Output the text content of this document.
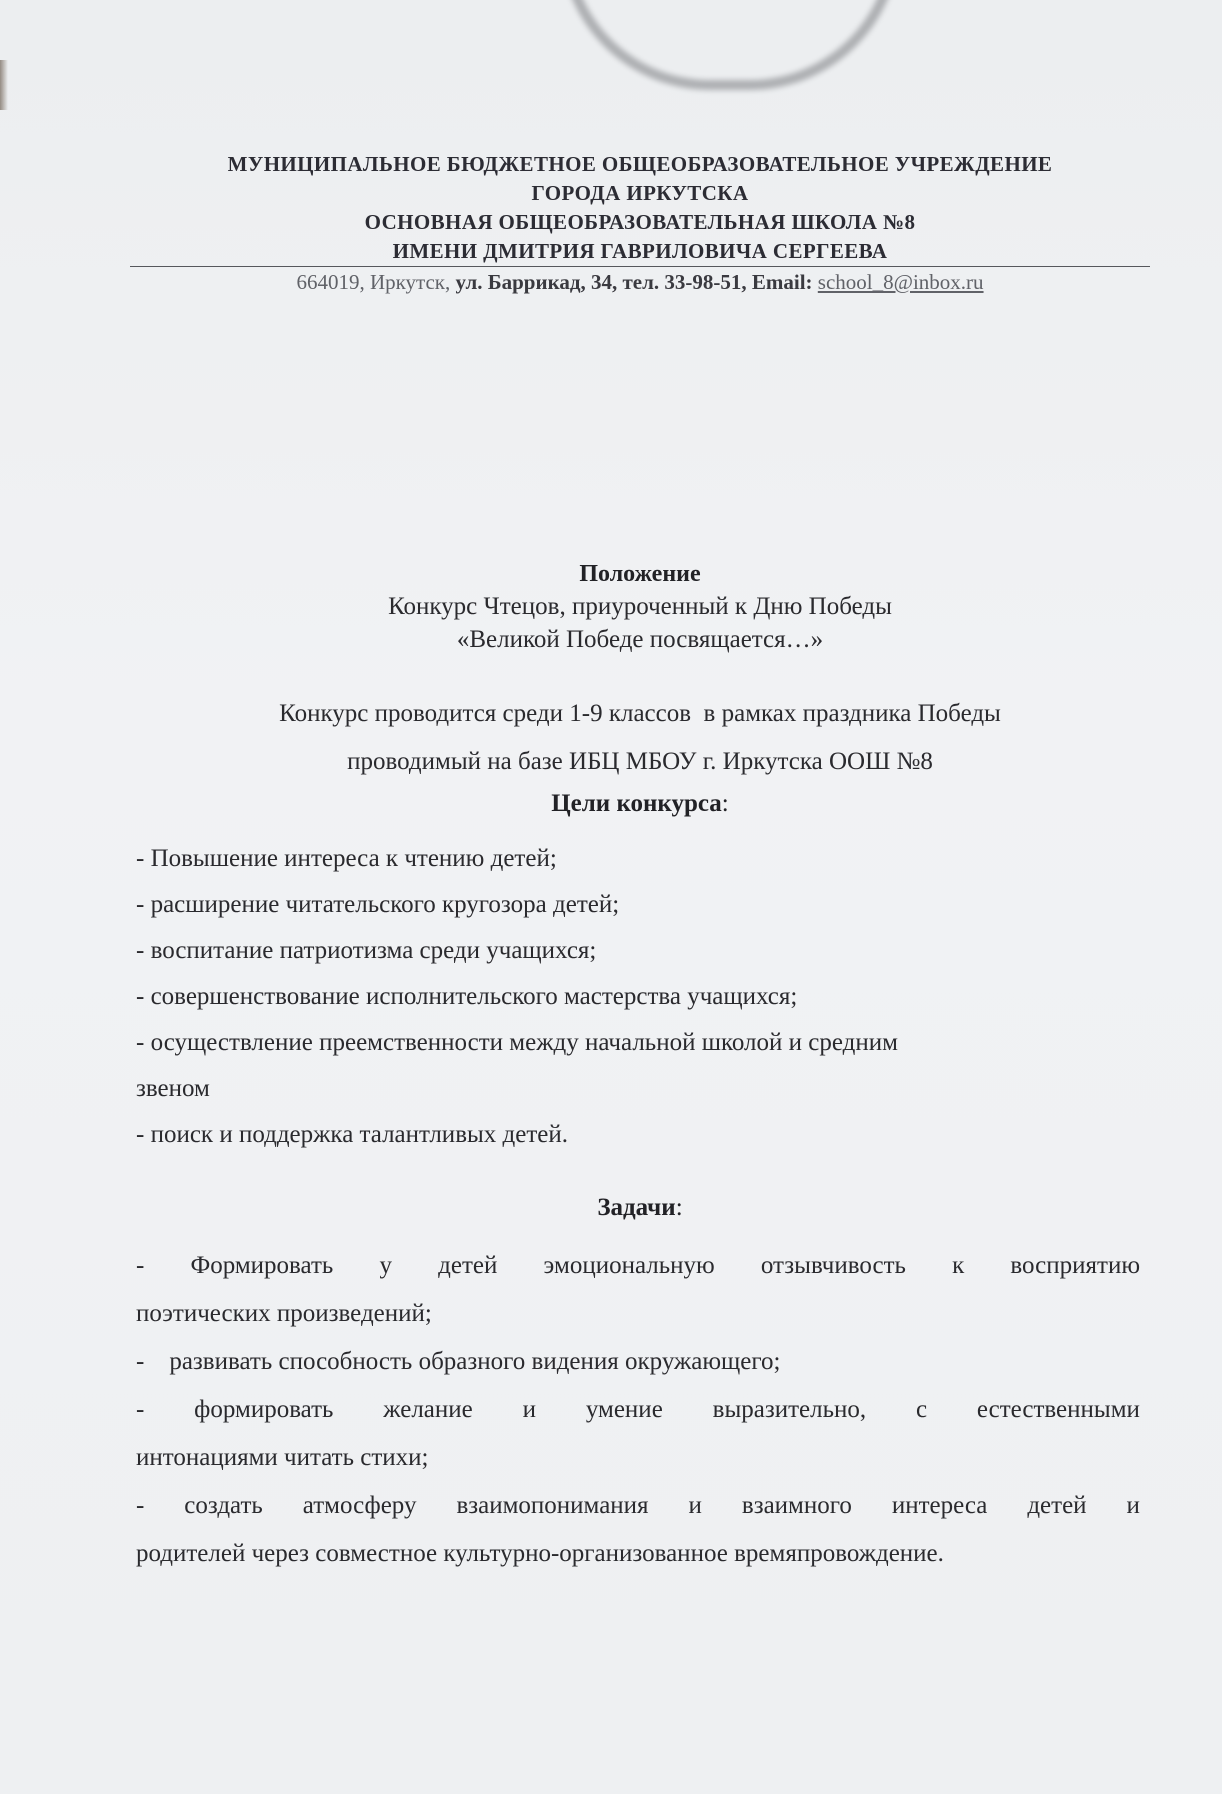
МУНИЦИПАЛЬНОЕ БЮДЖЕТНОЕ ОБЩЕОБРАЗОВАТЕЛЬНОЕ УЧРЕЖДЕНИЕ
ГОРОДА ИРКУТСКА
ОСНОВНАЯ ОБЩЕОБРАЗОВАТЕЛЬНАЯ ШКОЛА №8
ИМЕНИ ДМИТРИЯ ГАВРИЛОВИЧА СЕРГЕЕВА
664019, Иркутск, ул. Баррикад, 34, тел. 33-98-51, Email: school_8@inbox.ru
Положение
Конкурс Чтецов, приуроченный к Дню Победы
«Великой Победе посвящается…»
Конкурс проводится среди 1-9 классов  в рамках праздника Победы
проводимый на базе ИБЦ МБОУ г. Иркутска ООШ №8
Цели конкурса:
- Повышение интереса к чтению детей;
- расширение читательского кругозора детей;
- воспитание патриотизма среди учащихся;
- совершенствование исполнительского мастерства учащихся;
- осуществление преемственности между начальной школой и средним
звеном
- поиск и поддержка талантливых детей.
Задачи:
- Формировать у детей эмоциональную отзывчивость к восприятию
поэтических произведений;
-    развивать способность образного видения окружающего;
- формировать желание и умение выразительно, с естественными
интонациями читать стихи;
- создать атмосферу взаимопонимания и взаимного интереса детей и
родителей через совместное культурно-организованное времяпровождение.
